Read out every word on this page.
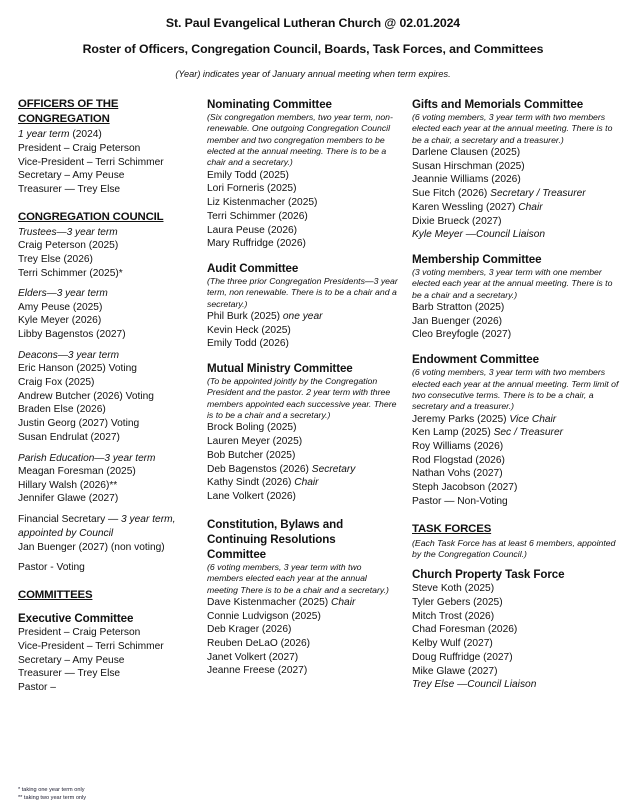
St. Paul Evangelical Lutheran Church @ 02.01.2024
Roster of Officers, Congregation Council, Boards, Task Forces, and Committees
(Year) indicates year of January annual meeting when term expires.
OFFICERS OF THE CONGREGATION
1 year term (2024)
President – Craig Peterson
Vice-President – Terri Schimmer
Secretary – Amy Peuse
Treasurer — Trey Else
CONGREGATION COUNCIL
Trustees—3 year term
Craig Peterson (2025)
Trey Else (2026)
Terri Schimmer (2025)*
Elders—3 year term
Amy Peuse (2025)
Kyle Meyer (2026)
Libby Bagenstos (2027)
Deacons—3 year term
Eric Hanson (2025) Voting
Craig Fox (2025)
Andrew Butcher (2026) Voting
Braden Else (2026)
Justin Georg (2027) Voting
Susan Endrulat (2027)
Parish Education—3 year term
Meagan Foresman (2025)
Hillary Walsh (2026)**
Jennifer Glawe (2027)
Financial Secretary — 3 year term,
appointed by Council
Jan Buenger (2027) (non voting)
Pastor - Voting
COMMITTEES
Executive Committee
President – Craig Peterson
Vice-President – Terri Schimmer
Secretary – Amy Peuse
Treasurer — Trey Else
Pastor –
Nominating Committee
(Six congregation members, two year term, non-renewable. One outgoing Congregation Council member and two congregation members to be elected at the annual meeting. There is to be a chair and a secretary.)
Emily Todd (2025)
Lori Forneris (2025)
Liz Kistenmacher (2025)
Terri Schimmer (2026)
Laura Peuse (2026)
Mary Ruffridge (2026)
Audit Committee
(The three prior Congregation Presidents—3 year term, non renewable. There is to be a chair and a secretary.)
Phil Burk (2025) one year
Kevin Heck (2025)
Emily Todd (2026)
Mutual Ministry Committee
(To be appointed jointly by the Congregation President and the pastor. 2 year term with three members appointed each successive year. There is to be a chair and a secretary.)
Brock Boling (2025)
Lauren Meyer (2025)
Bob Butcher (2025)
Deb Bagenstos (2026) Secretary
Kathy Sindt (2026) Chair
Lane Volkert (2026)
Constitution, Bylaws and
Continuing Resolutions
Committee
(6 voting members, 3 year term with two members elected each year at the annual meeting There is to be a chair and a secretary.)
Dave Kistenmacher (2025) Chair
Connie Ludvigson (2025)
Deb Krager (2026)
Reuben DeLaO (2026)
Janet Volkert (2027)
Jeanne Freese (2027)
Gifts and Memorials Committee
(6 voting members, 3 year term with two members elected each year at the annual meeting. There is to be a chair, a secretary and a treasurer.)
Darlene Clausen (2025)
Susan Hirschman (2025)
Jeannie Williams (2026)
Sue Fitch (2026) Secretary / Treasurer
Karen Wessling (2027) Chair
Dixie Brueck (2027)
Kyle Meyer —Council Liaison
Membership Committee
(3 voting members, 3 year term with one member elected each year at the annual meeting. There is to be a chair and a secretary.)
Barb Stratton (2025)
Jan Buenger (2026)
Cleo Breyfogle (2027)
Endowment Committee
(6 voting members, 3 year term with two members elected each year at the annual meeting. Term limit of two consecutive terms. There is to be a chair, a secretary and a treasurer.)
Jeremy Parks (2025) Vice Chair
Ken Lamp (2025) Sec / Treasurer
Roy Williams (2026)
Rod Flogstad (2026)
Nathan Vohs (2027)
Steph Jacobson (2027)
Pastor — Non-Voting
TASK FORCES
(Each Task Force has at least 6 members, appointed by the Congregation Council.)
Church Property Task Force
Steve Koth (2025)
Tyler Gebers (2025)
Mitch Trost (2026)
Chad Foresman (2026)
Kelby Wulf (2027)
Doug Ruffridge (2027)
Mike Glawe (2027)
Trey Else —Council Liaison
* taking one year term only
** taking two year term only
